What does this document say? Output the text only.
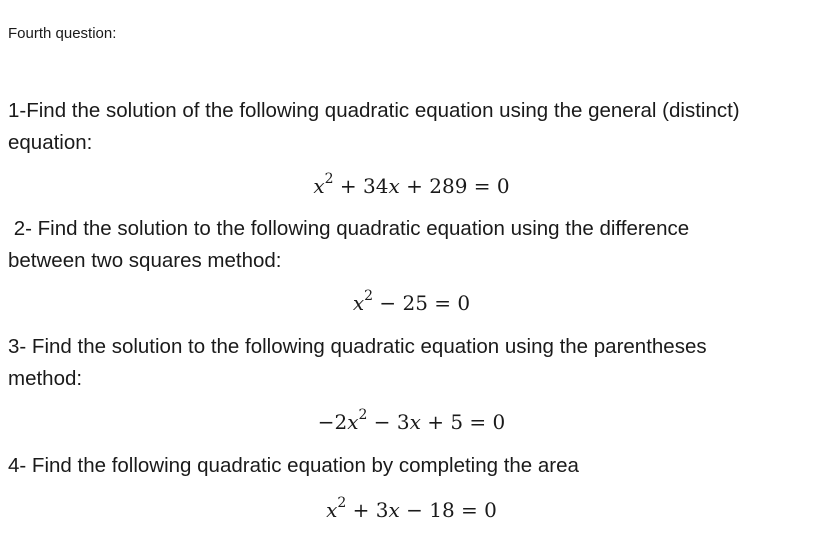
Fourth question:
1-Find the solution of the following quadratic equation using the general (distinct)
equation:
$x^2 + 34x + 289 = 0$
2- Find the solution to the following quadratic equation using the difference
between two squares method:
$x^2 - 25 = 0$
3- Find the solution to the following quadratic equation using the parentheses
method:
$-2x^2 - 3x + 5 = 0$
4- Find the following quadratic equation by completing the area
$x^2 + 3x - 18 = 0$
